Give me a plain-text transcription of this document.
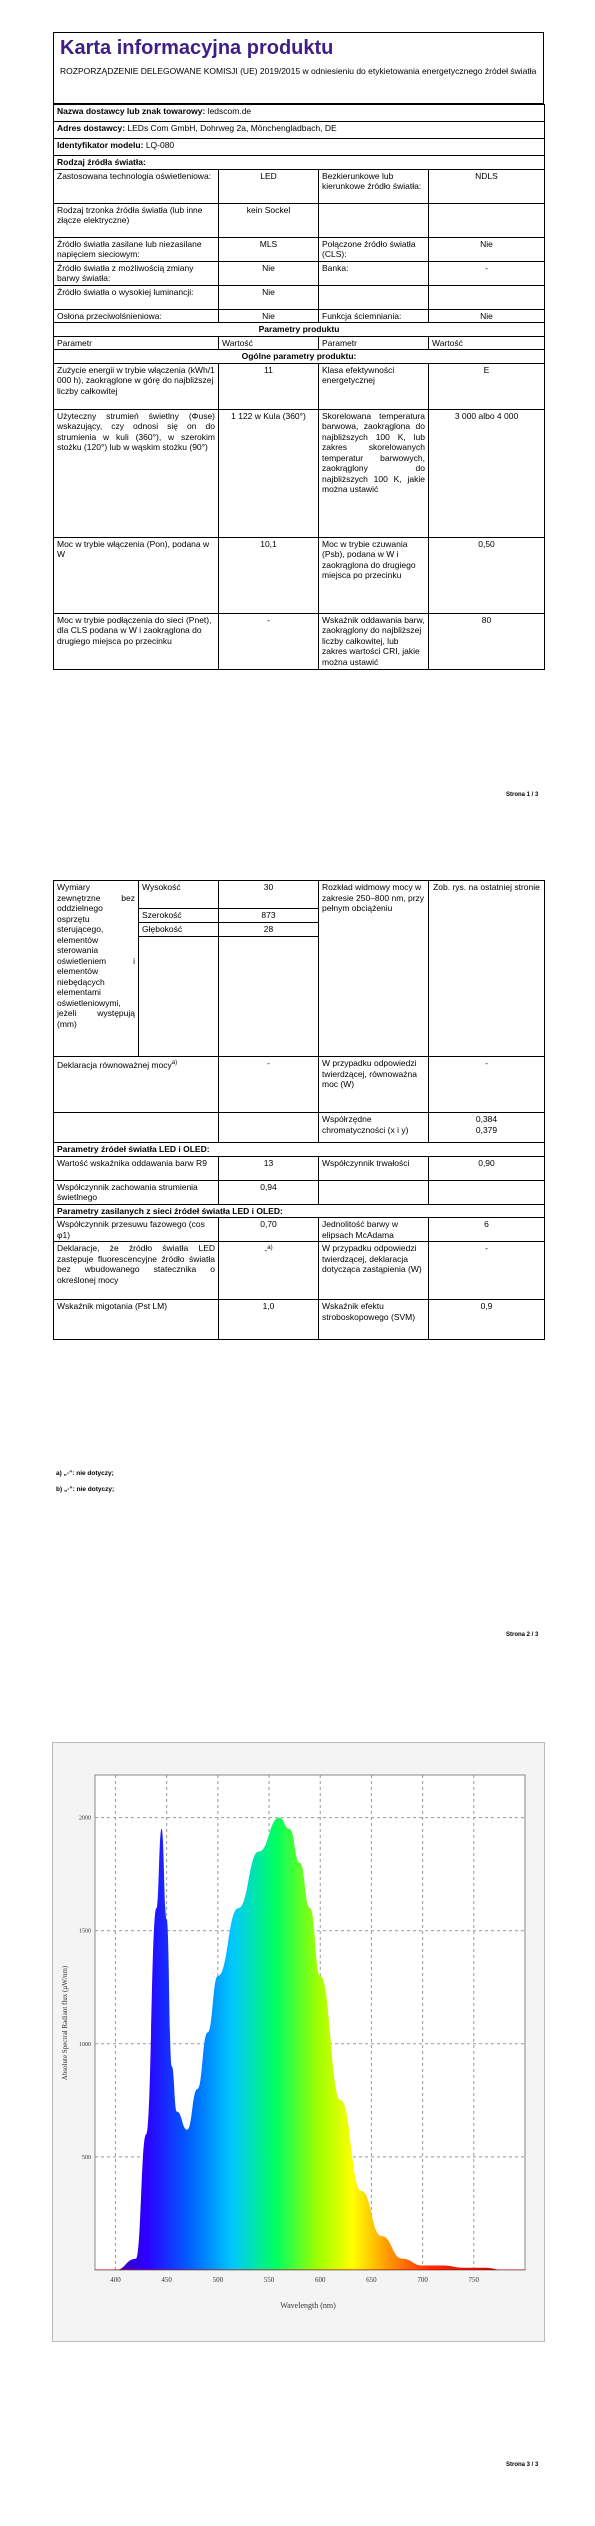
Karta informacyjna produktu
ROZPORZĄDZENIE DELEGOWANE KOMISJI (UE) 2019/2015 w odniesieniu do etykietowania energetycznego źródeł światła
Nazwa dostawcy lub znak towarowy: ledscom.de			
Adres dostawcy: LEDs Com GmbH, Dohrweg 2a, Mönchengladbach, DE			
Identyfikator modelu: LQ-080			
Rodzaj źródła światła:			
Zastosowana technologia oświetleniowa:	LED	Bezkierunkowe lub kierunkowe źródło światła:	NDLS
Rodzaj trzonka źródła światła (lub inne złącze elektryczne)	kein Sockel		
Źródło światła zasilane lub niezasilane napięciem sieciowym:	MLS	Połączone źródło światła (CLS):	Nie
Źródło światła z możliwością zmiany barwy światła:	Nie	Banka:	-
Źródło światła o wysokiej luminancji:	Nie		
Osłona przeciwolśnieniowa:	Nie	Funkcja ściemniania:	Nie
Parametry produktu			
Parametr	Wartość	Parametr	Wartość
Ogólne parametry produktu:			
Zużycie energii w trybie włączenia (kWh/1 000 h), zaokrąglone w górę do najbliższej liczby całkowitej	11	Klasa efektywności energetycznej	E
Użyteczny strumień świetlny (Φuse) wskazujący, czy odnosi się on do strumienia w kuli (360°), w szerokim stożku (120°) lub w wąskim stożku (90°)	1 122 w Kula (360°)	Skorelowana temperatura barwowa, zaokrąglona do najbliższych 100 K, lub zakres skorelowanych temperatur barwowych, zaokrąglony do najbliższych 100 K, jakie można ustawić	3 000 albo 4 000
Moc w trybie włączenia (Pon), podana w W	10,1	Moc w trybie czuwania (Psb), podana w W i zaokrąglona do drugiego miejsca po przecinku	0,50
Moc w trybie podłączenia do sieci (Pnet), dla CLS podana w W i zaokrąglona do drugiego miejsca po przecinku	-	Wskaźnik oddawania barw, zaokrąglony do najbliższej liczby całkowitej, lub zakres wartości CRI, jakie można ustawić	80
Strona 1 / 3
Wymiary zewnętrzne bez oddzielnego osprzętu sterującego, elementów sterowania oświetleniem i elementów niebędących elementami oświetleniowymi, jeżeli występują (mm)	Wysokość	30	Rozkład widmowy mocy w zakresie 250–800 nm, przy pełnym obciążeniu	Zob. rys. na ostatniej stronie
	Szerokość	873		
	Głębokość	28		

Deklaracja równoważnej mocy$^{a)}$		-	W przypadku odpowiedzi twierdzącej, równoważna moc (W)	-
			Współrzędne chromatyczności (x i y)	0,384
0,379
Parametry źródeł światła LED i OLED:				
Wartość wskaźnika oddawania barw R9		13	Współczynnik trwałości	0,90
Współczynnik zachowania strumienia świetlnego		0,94		
Parametry zasilanych z sieci źródeł światła LED i OLED:				
Współczynnik przesuwu fazowego (cos φ1)		0,70	Jednolitość barwy w elipsach McAdama	6
Deklaracje, że źródło światła LED zastępuje fluorescencyjne źródło światła bez wbudowanego statecznika o określonej mocy		-$^{a)}$	W przypadku odpowiedzi twierdzącej, deklaracja dotycząca zastąpienia (W)	-
Wskaźnik migotania (Pst LM)		1,0	Wskaźnik efektu stroboskopowego (SVM)	0,9
a) „-”: nie dotyczy;
b) „-”: nie dotyczy;
Strona 2 / 3
400	450	500	550	600	650	700	750
2000
1500
1000
500
Wavelength (nm)
Absolute Spectral Radiant flux (µW/nm)
Strona 3 / 3
